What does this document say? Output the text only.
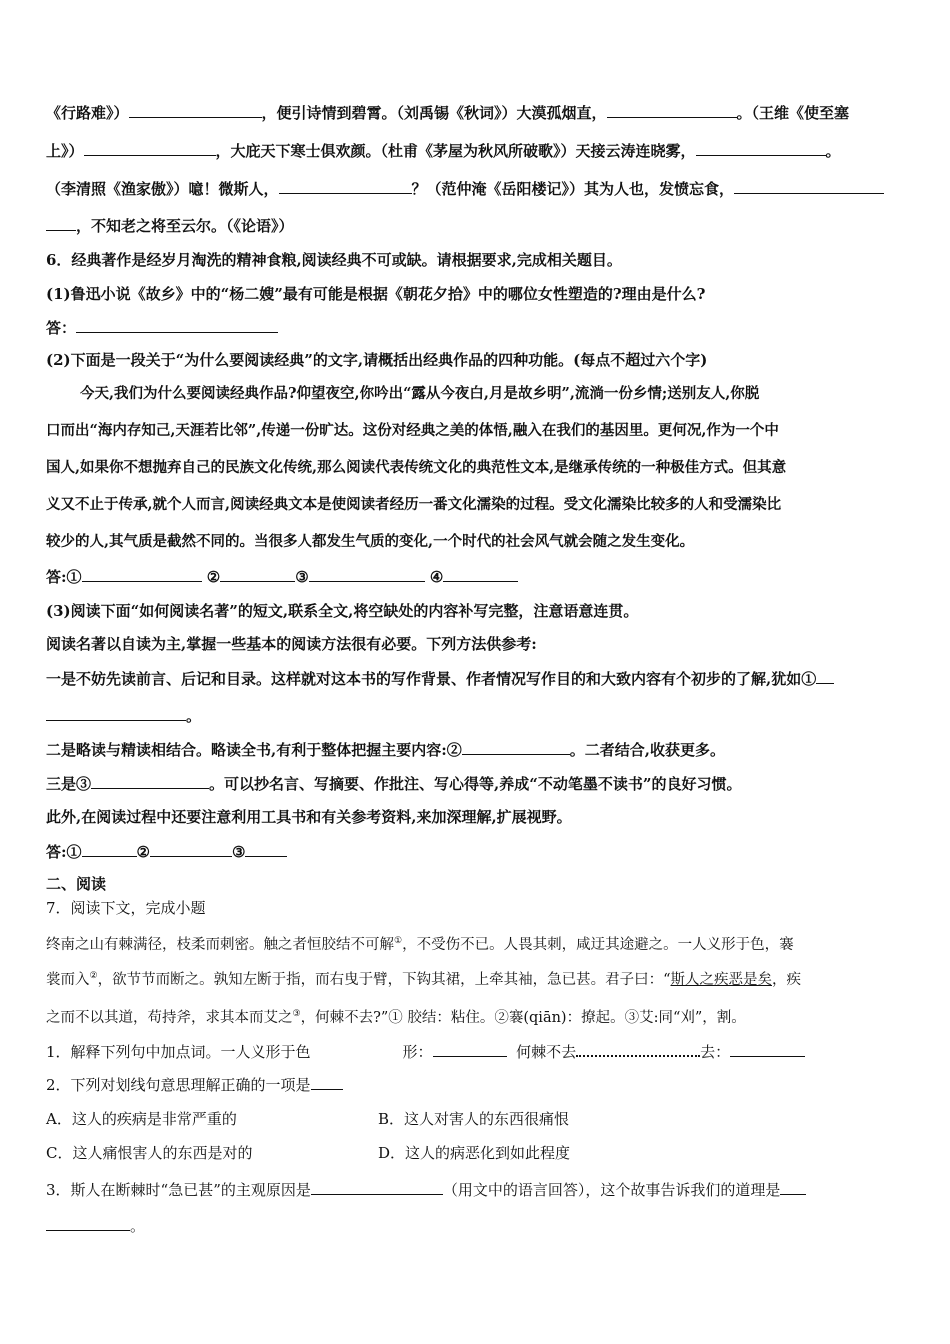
《行路难》）	，便引诗情到碧霄。（刘禹锡《秋词》）大漠孤烟直，	。（王维《使至塞
上》）	，大庇天下寒士俱欢颜。（杜甫《茅屋为秋风所破歌》）天接云涛连晓雾，	。
（李清照《渔家傲》）噫！微斯人，	？（范仲淹《岳阳楼记》）其为人也，发愤忘食，
，不知老之将至云尔。（《论语》）
6．经典著作是经岁月淘洗的精神食粮,阅读经典不可或缺。请根据要求,完成相关题目。
(1)鲁迅小说《故乡》中的“杨二嫂”最有可能是根据《朝花夕拾》中的哪位女性塑造的?理由是什么?
答：
(2)下面是一段关于“为什么要阅读经典”的文字,请概括出经典作品的四种功能。(每点不超过六个字)
今天,我们为什么要阅读经典作品?仰望夜空,你吟出“露从今夜白,月是故乡明”,流淌一份乡情;送别友人,你脱
口而出“海内存知己,天涯若比邻”,传递一份旷达。这份对经典之美的体悟,融入在我们的基因里。更何况,作为一个中
国人,如果你不想抛弃自己的民族文化传统,那么阅读代表传统文化的典范性文本,是继承传统的一种极佳方式。但其意
义又不止于传承,就个人而言,阅读经典文本是使阅读者经历一番文化濡染的过程。受文化濡染比较多的人和受濡染比
较少的人,其气质是截然不同的。当很多人都发生气质的变化,一个时代的社会风气就会随之发生变化。
答:①	②	③	④
(3)阅读下面“如何阅读名著”的短文,联系全文,将空缺处的内容补写完整，注意语意连贯。
阅读名著以自读为主,掌握一些基本的阅读方法很有必要。下列方法供参考:
一是不妨先读前言、后记和目录。这样就对这本书的写作背景、作者情况写作目的和大致内容有个初步的了解,犹如①
。
二是略读与精读相结合。略读全书,有利于整体把握主要内容:②	。二者结合,收获更多。
三是③	。可以抄名言、写摘要、作批注、写心得等,养成“不动笔墨不读书”的良好习惯。
此外,在阅读过程中还要注意利用工具书和有关参考资料,来加深理解,扩展视野。
答:①	②	③
二、阅读
7．阅读下文，完成小题
终南之山有棘满径，枝柔而刺密。触之者恒胶结不可解①，不受伤不已。人畏其刺，咸迂其途避之。一人义形于色，褰
裳而入②，欲节节而断之。孰知左断于指，而右曳于臂，下钩其裙，上牵其袖，急已甚。君子曰：“斯人之疾恶是矣，疾
之而不以其道，苟持斧，求其本而艾之③，何棘不去?”① 胶结：粘住。②褰(qiān)：撩起。③艾:同“刈”，割。
1．解释下列句中加点词。一人义形于色	形：	何棘不去	去：
2．下列对划线句意思理解正确的一项是
A．这人的疾病是非常严重的	B．这人对害人的东西很痛恨
C．这人痛恨害人的东西是对的	D．这人的病恶化到如此程度
3．斯人在断棘时“急已甚”的主观原因是	（用文中的语言回答），这个故事告诉我们的道理是
。
